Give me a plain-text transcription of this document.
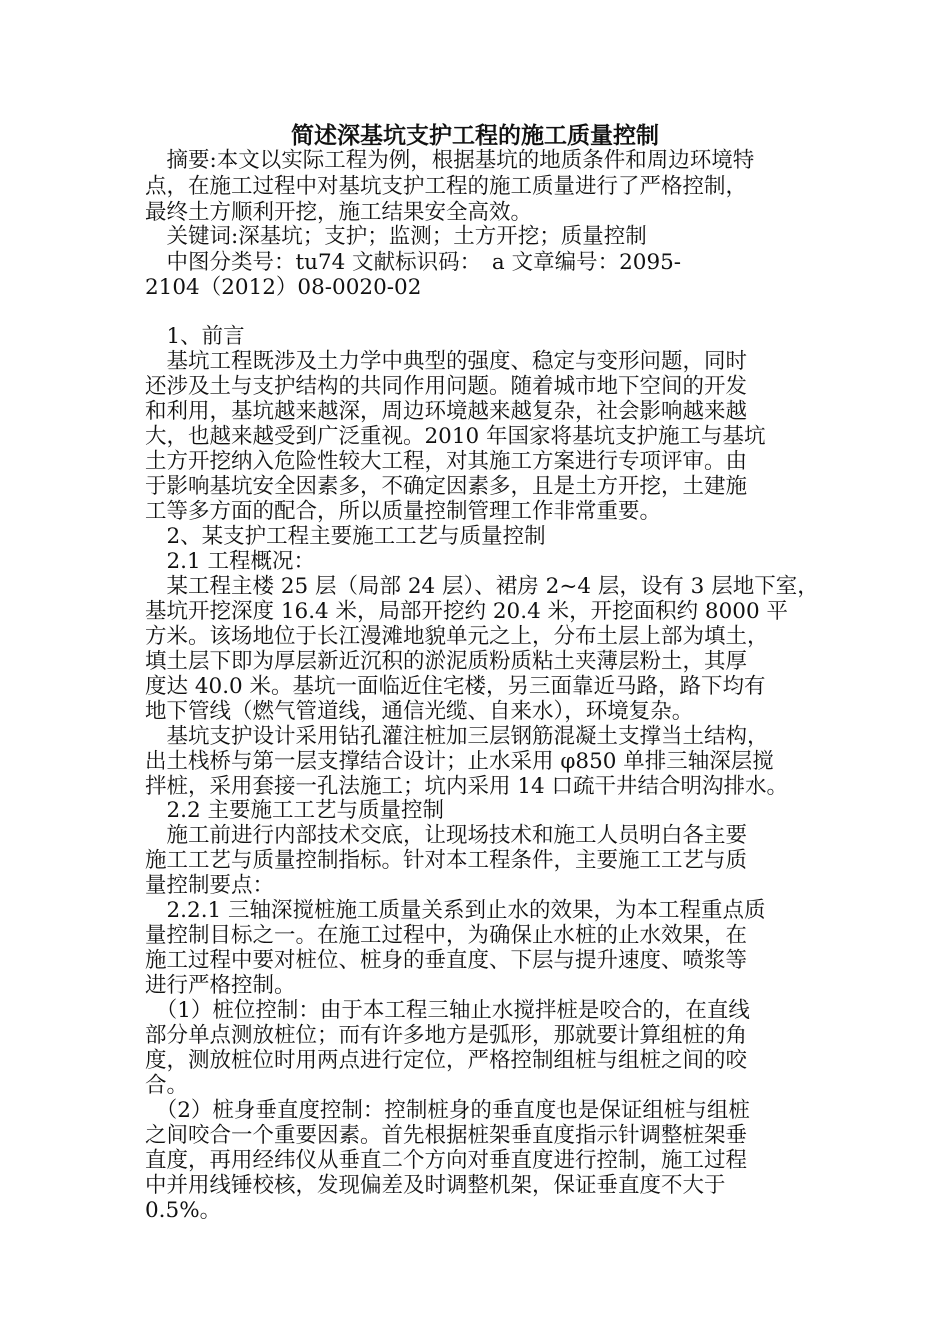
简述深基坑支护工程的施工质量控制
　摘要:本文以实际工程为例，根据基坑的地质条件和周边环境特
点，在施工过程中对基坑支护工程的施工质量进行了严格控制，
最终土方顺利开挖，施工结果安全高效。
　关键词:深基坑；支护；监测；土方开挖；质量控制
　中图分类号：tu74 文献标识码：　a 文章编号：2095-
2104（2012）08-0020-02
　1、前言
　基坑工程既涉及土力学中典型的强度、稳定与变形问题，同时
还涉及土与支护结构的共同作用问题。随着城市地下空间的开发
和利用，基坑越来越深，周边环境越来越复杂，社会影响越来越
大，也越来越受到广泛重视。2010 年国家将基坑支护施工与基坑
土方开挖纳入危险性较大工程，对其施工方案进行专项评审。由
于影响基坑安全因素多，不确定因素多，且是土方开挖，土建施
工等多方面的配合，所以质量控制管理工作非常重要。
　2、某支护工程主要施工工艺与质量控制
　2.1 工程概况：
　某工程主楼 25 层（局部 24 层）、裙房 2~4 层，设有 3 层地下室，
基坑开挖深度 16.4 米，局部开挖约 20.4 米，开挖面积约 8000 平
方米。该场地位于长江漫滩地貌单元之上，分布土层上部为填土，
填土层下即为厚层新近沉积的淤泥质粉质粘土夹薄层粉土，其厚
度达 40.0 米。基坑一面临近住宅楼，另三面靠近马路，路下均有
地下管线（燃气管道线，通信光缆、自来水），环境复杂。
　基坑支护设计采用钻孔灌注桩加三层钢筋混凝土支撑当土结构，
出土栈桥与第一层支撑结合设计；止水采用 φ850 单排三轴深层搅
拌桩，采用套接一孔法施工；坑内采用 14 口疏干井结合明沟排水。
　2.2 主要施工工艺与质量控制
　施工前进行内部技术交底，让现场技术和施工人员明白各主要
施工工艺与质量控制指标。针对本工程条件，主要施工工艺与质
量控制要点：
　2.2.1 三轴深搅桩施工质量关系到止水的效果，为本工程重点质
量控制目标之一。在施工过程中，为确保止水桩的止水效果，在
施工过程中要对桩位、桩身的垂直度、下层与提升速度、喷浆等
进行严格控制。
　（1）桩位控制：由于本工程三轴止水搅拌桩是咬合的，在直线
部分单点测放桩位；而有许多地方是弧形，那就要计算组桩的角
度，测放桩位时用两点进行定位，严格控制组桩与组桩之间的咬
合。
　（2）桩身垂直度控制：控制桩身的垂直度也是保证组桩与组桩
之间咬合一个重要因素。首先根据桩架垂直度指示针调整桩架垂
直度，再用经纬仪从垂直二个方向对垂直度进行控制，施工过程
中并用线锤校核，发现偏差及时调整机架，保证垂直度不大于
0.5%。
